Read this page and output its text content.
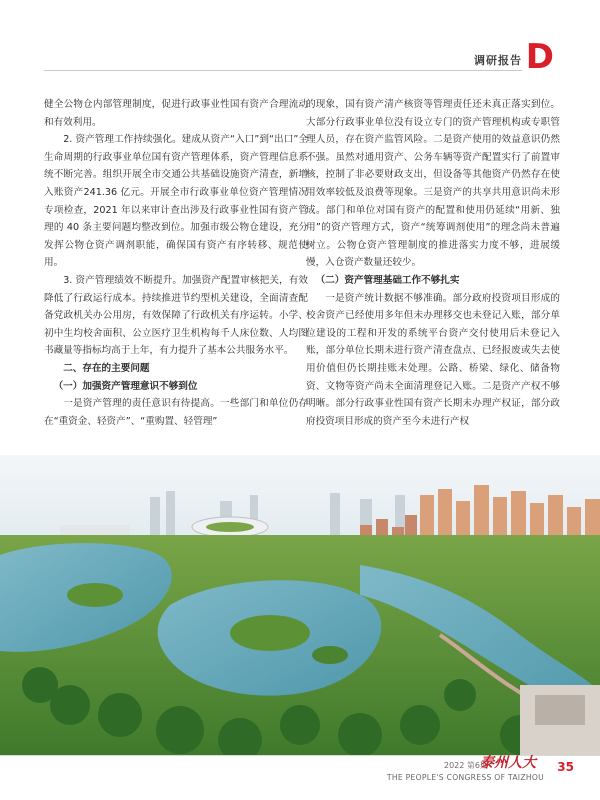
调研报告 D

健全公物仓内部管理制度，促进行政事业性国有资产合理流动和有效利用。

2. 资产管理工作持续强化。建成从资产“入口”到“出口”全生命周期的行政事业单位国有资产管理体系，资产管理信息系统不断完善。组织开展全市交通公共基础设施资产清查，新增入账资产241.36 亿元。开展全市行政事业单位资产管理情况专项检查，2021 年以来审计查出涉及行政事业性国有资产管理的 40 条主要问题均整改到位。加强市级公物仓建设，充分发挥公物仓资产调剂职能，确保国有资产有序转移、规范使用。

3. 资产管理绩效不断提升。加强资产配置审核把关，有效降低了行政运行成本。持续推进节约型机关建设，全面清查配备党政机关办公用房，有效保障了行政机关有序运转。小学、初中生均校舍面积、公立医疗卫生机构每千人床位数、人均图书藏量等指标均高于上年，有力提升了基本公共服务水平。

二、存在的主要问题

（一）加强资产管理意识不够到位

一是资产管理的责任意识有待提高。一些部门和单位仍存在“重资金、轻资产”、“重购置、轻管理”

的现象，国有资产清产核资等管理责任还未真正落实到位。大部分行政事业单位没有设立专门的资产管理机构或专职管理人员，存在资产监管风险。二是资产使用的效益意识仍然不强。虽然对通用资产、公务车辆等资产配置实行了前置审核，控制了非必要财政支出，但设备等其他资产仍然存在使用效率较低及浪费等现象。三是资产的共享共用意识尚未形成。部门和单位对国有资产的配置和使用仍延续“用新、独用”的资产管理方式，资产“统筹调剂使用”的理念尚未普遍树立。公物仓资产管理制度的推进落实力度不够，进展缓慢，入仓资产数量还较少。

（二）资产管理基础工作不够扎实

一是资产统计数据不够准确。部分政府投资项目形成的校舍资产已经使用多年但未办理移交也未登记入账，部分单位建设的工程和开发的系统平台资产交付使用后未登记入账，部分单位长期未进行资产清查盘点、已经报废或失去使用价值但仍长期挂账未处理。公路、桥梁、绿化、储备物资、文物等资产尚未全面清理登记入账。二是资产产权不够明晰。部分行政事业性国有资产长期未办理产权证，部分政府投资项目形成的资产至今未进行产权

2022 第6期
泰州人大
THE PEOPLE'S CONGRESS OF TAIZHOU
35
